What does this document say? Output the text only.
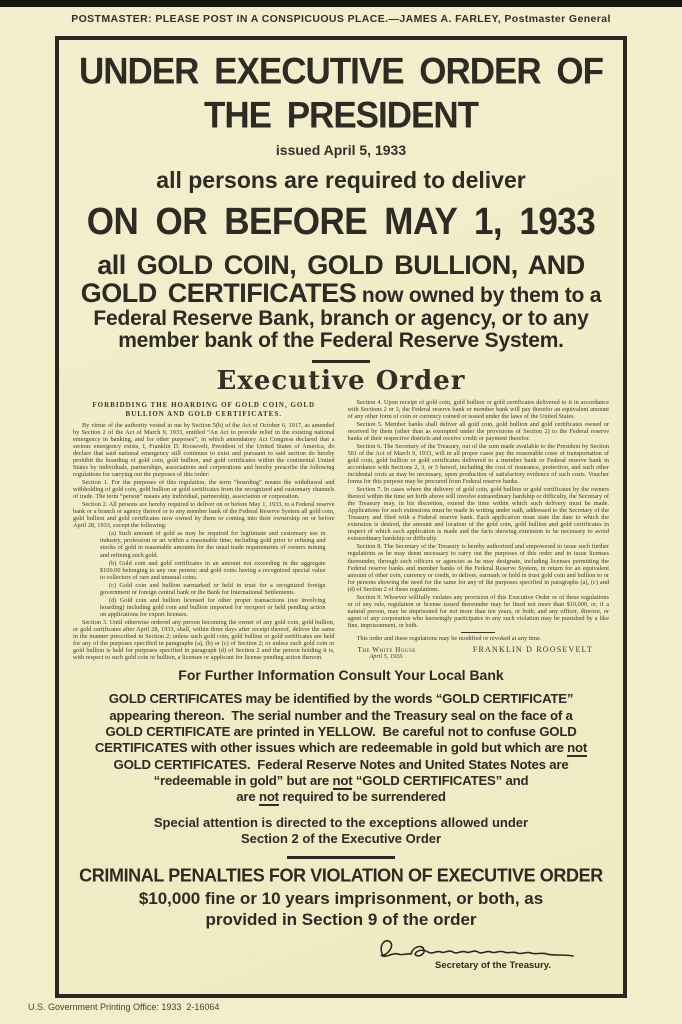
POSTMASTER: PLEASE POST IN A CONSPICUOUS PLACE.—JAMES A. FARLEY, Postmaster General
UNDER EXECUTIVE ORDER OF
THE PRESIDENT
issued April 5, 1933
all persons are required to deliver
ON OR BEFORE MAY 1, 1933
all GOLD COIN, GOLD BULLION, AND GOLD CERTIFICATES now owned by them to a Federal Reserve Bank, branch or agency, or to any member bank of the Federal Reserve System.
Executive Order
FORBIDDING THE HOARDING OF GOLD COIN, GOLD BULLION AND GOLD CERTIFICATES.

By virtue of the authority vested in me by Section 5(b) of the Act of October 6, 1917, as amended by Section 2 of the Act of March 9, 1933, entitled “An Act to provide relief in the existing national emergency in banking, and for other purposes”, in which amendatory Act Congress declared that a serious emergency exists, I, Franklin D. Roosevelt, President of the United States of America, do declare that said national emergency still continues to exist and pursuant to said section do hereby prohibit the hoarding of gold coin, gold bullion, and gold certificates within the continental United States by individuals, partnerships, associations and corporations and hereby prescribe the following regulations for carrying out the purposes of this order:

Section 1. For the purposes of this regulation, the term “hoarding” means the withdrawal and withholding of gold coin, gold bullion or gold certificates from the recognized and customary channels of trade. The term “person” means any individual, partnership, association or corporation.

Section 2. All persons are hereby required to deliver on or before May 1, 1933, to a Federal reserve bank or a branch or agency thereof or to any member bank of the Federal Reserve System all gold coin, gold bullion and gold certificates now owned by them or coming into their ownership on or before April 28, 1933, except the following:

(a) Such amount of gold as may be required for legitimate and customary use in industry, profession or art within a reasonable time, including gold prior to refining and stocks of gold in reasonable amounts for the usual trade requirements of owners mining and refining such gold.

(b) Gold coin and gold certificates in an amount not exceeding in the aggregate $100.00 belonging to any one person; and gold coins having a recognized special value to collectors of rare and unusual coins.

(c) Gold coin and bullion earmarked or held in trust for a recognized foreign government or foreign central bank or the Bank for International Settlements.

(d) Gold coin and bullion licensed for other proper transactions (not involving hoarding) including gold coin and bullion imported for reexport or held pending action on applications for export licenses.

Section 3. Until otherwise ordered any person becoming the owner of any gold coin, gold bullion, or gold certificates after April 28, 1933, shall, within three days after receipt thereof, deliver the same in the manner prescribed in Section 2; unless such gold coin, gold bullion or gold certificates are held for any of the purposes specified in paragraphs (a), (b) or (c) of Section 2; or unless such gold coin or gold bullion is held for purposes specified in paragraph (d) of Section 2 and the person holding it is, with respect to such gold coin or bullion, a licensee or applicant for license pending action thereon.

Section 4. Upon receipt of gold coin, gold bullion or gold certificates delivered to it in accordance with Sections 2 or 3, the Federal reserve bank or member bank will pay therefor an equivalent amount of any other form of coin or currency coined or issued under the laws of the United States.

Section 5. Member banks shall deliver all gold coin, gold bullion and gold certificates owned or received by them (other than as exempted under the provisions of Section 2) to the Federal reserve banks of their respective districts and receive credit or payment therefor.

Section 6. The Secretary of the Treasury, out of the sum made available to the President by Section 501 of the Act of March 9, 1933, will in all proper cases pay the reasonable costs of transportation of gold coin, gold bullion or gold certificates delivered to a member bank or Federal reserve bank in accordance with Sections 2, 3, or 5 hereof, including the cost of insurance, protection, and such other incidental costs as may be necessary, upon production of satisfactory evidence of such costs. Voucher forms for this purpose may be procured from Federal reserve banks.

Section 7. In cases where the delivery of gold coin, gold bullion or gold certificates by the owners thereof within the time set forth above will involve extraordinary hardship or difficulty, the Secretary of the Treasury may, in his discretion, extend the time within which such delivery must be made. Applications for such extensions must be made in writing under oath, addressed to the Secretary of the Treasury and filed with a Federal reserve bank. Each application must state the date to which the extension is desired, the amount and location of the gold coin, gold bullion and gold certificates in respect of which such application is made and the facts showing extension to be necessary to avoid extraordinary hardship or difficulty.

Section 8. The Secretary of the Treasury is hereby authorized and empowered to issue such further regulations as he may deem necessary to carry out the purposes of this order and to issue licenses thereunder, through such officers or agencies as he may designate, including licenses permitting the Federal reserve banks and member banks of the Federal Reserve System, in return for an equivalent amount of other coin, currency or credit, to deliver, earmark or hold in trust gold coin and bullion to or for persons showing the need for the same for any of the purposes specified in paragraphs (a), (c) and (d) of Section 2 of these regulations.

Section 9. Whoever willfully violates any provision of this Executive Order or of these regulations or of any rule, regulation or license issued thereunder may be fined not more than $10,000, or, if a natural person, may be imprisoned for not more than ten years, or both; and any officer, director, or agent of any corporation who knowingly participates in any such violation may be punished by a like fine, imprisonment, or both.

This order and these regulations may be modified or revoked at any time.

The White House
April 5, 1933.
FRANKLIN D ROOSEVELT
For Further Information Consult Your Local Bank
GOLD CERTIFICATES may be identified by the words “GOLD CERTIFICATE”
appearing thereon.  The serial number and the Treasury seal on the face of a
GOLD CERTIFICATE are printed in YELLOW.  Be careful not to confuse GOLD
CERTIFICATES with other issues which are redeemable in gold but which are not
GOLD CERTIFICATES.  Federal Reserve Notes and United States Notes are
“redeemable in gold” but are not “GOLD CERTIFICATES” and
are not required to be surrendered
Special attention is directed to the exceptions allowed under
Section 2 of the Executive Order
CRIMINAL PENALTIES FOR VIOLATION OF EXECUTIVE ORDER
$10,000 fine or 10 years imprisonment, or both, as
provided in Section 9 of the order
Secretary of the Treasury.
U.S. Government Printing Office: 1933  2-16064
